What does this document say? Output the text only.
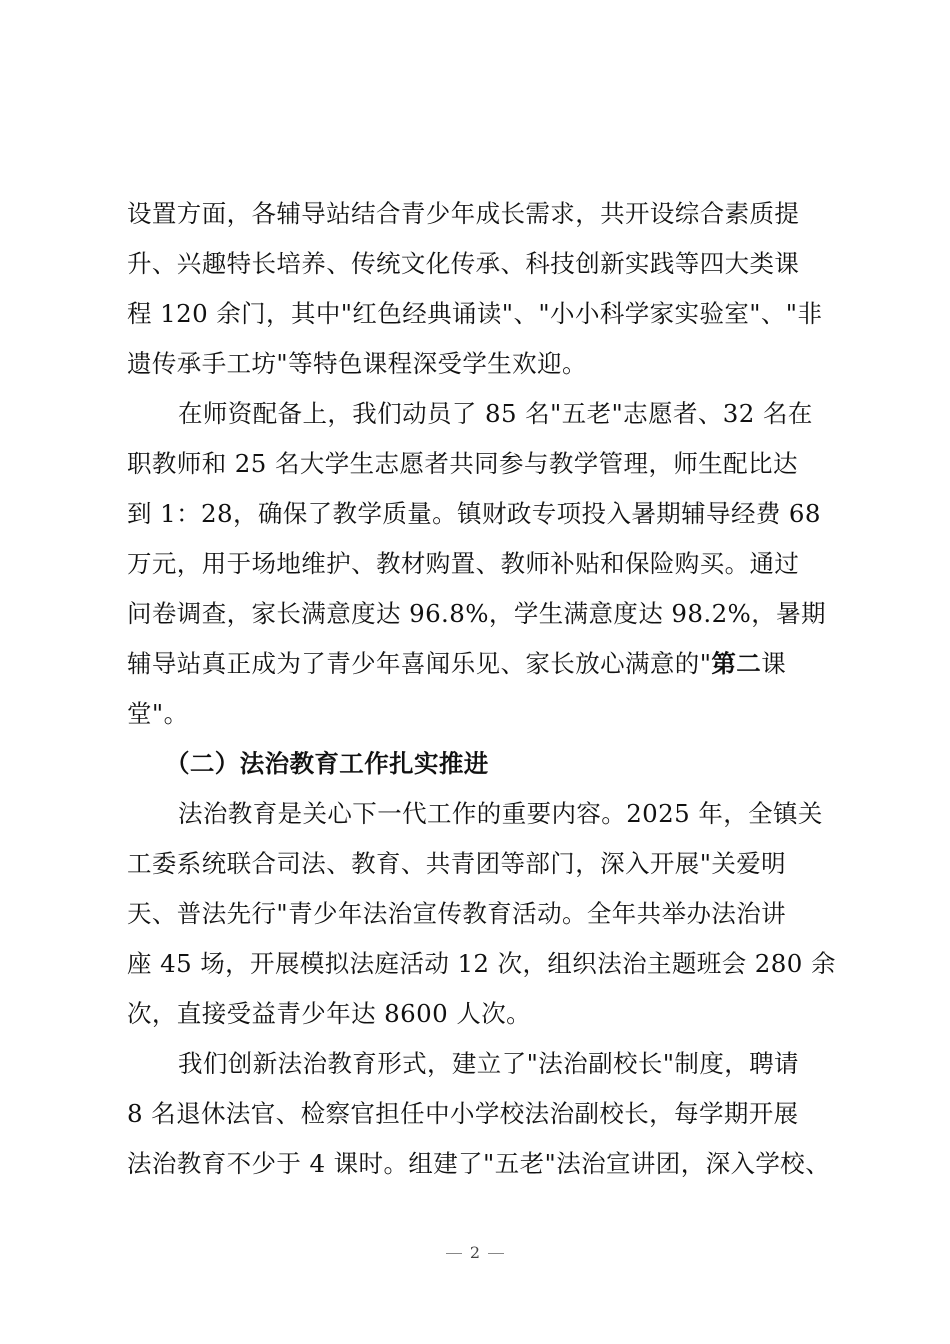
设置方面，各辅导站结合青少年成长需求，共开设综合素质提
升、兴趣特长培养、传统文化传承、科技创新实践等四大类课
程 120 余门，其中"红色经典诵读"、"小小科学家实验室"、"非
遗传承手工坊"等特色课程深受学生欢迎。
在师资配备上，我们动员了 85 名"五老"志愿者、32 名在
职教师和 25 名大学生志愿者共同参与教学管理，师生配比达
到 1：28，确保了教学质量。镇财政专项投入暑期辅导经费 68
万元，用于场地维护、教材购置、教师补贴和保险购买。通过
问卷调查，家长满意度达 96.8%，学生满意度达 98.2%，暑期
辅导站真正成为了青少年喜闻乐见、家长放心满意的"第二课
堂"。
（二）法治教育工作扎实推进
法治教育是关心下一代工作的重要内容。2025 年，全镇关
工委系统联合司法、教育、共青团等部门，深入开展"关爱明
天、普法先行"青少年法治宣传教育活动。全年共举办法治讲
座 45 场，开展模拟法庭活动 12 次，组织法治主题班会 280 余
次，直接受益青少年达 8600 人次。
我们创新法治教育形式，建立了"法治副校长"制度，聘请
8 名退休法官、检察官担任中小学校法治副校长，每学期开展
法治教育不少于 4 课时。组建了"五老"法治宣讲团，深入学校、
2
